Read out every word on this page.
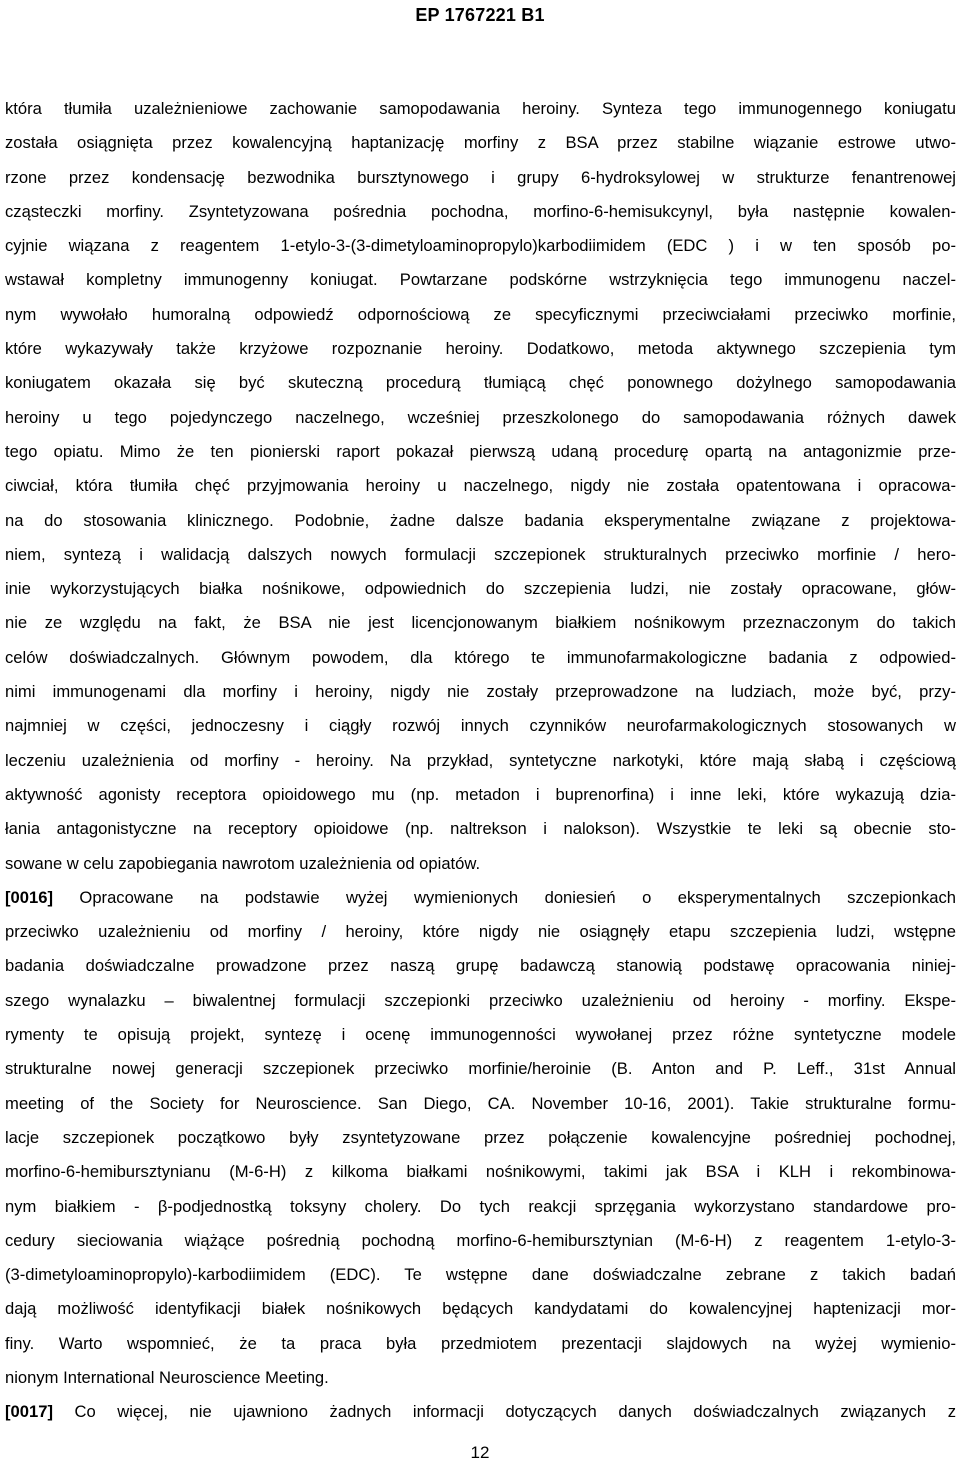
EP 1767221 B1
która tłumiła uzależnieniowe zachowanie samopodawania heroiny. Synteza tego immunogennego koniugatu
została osiągnięta przez kowalencyjną haptanizację morfiny z BSA przez stabilne wiązanie estrowe utwo-
rzone przez kondensację bezwodnika bursztynowego i grupy 6-hydroksylowej w strukturze fenantrenowej
cząsteczki morfiny. Zsyntetyzowana pośrednia pochodna, morfino-6-hemisukcynyl, była następnie kowalen-
cyjnie wiązana z reagentem 1-etylo-3-(3-dimetyloaminopropylo)karbodiimidem (EDC ) i w ten sposób po-
wstawał kompletny immunogenny koniugat. Powtarzane podskórne wstrzyknięcia tego immunogenu naczel-
nym wywołało humoralną odpowiedź odpornościową ze specyficznymi przeciwciałami przeciwko morfinie,
które wykazywały także krzyżowe rozpoznanie heroiny. Dodatkowo, metoda aktywnego szczepienia tym
koniugatem okazała się być skuteczną procedurą tłumiącą chęć ponownego dożylnego samopodawania
heroiny u tego pojedynczego naczelnego, wcześniej przeszkolonego do samopodawania różnych dawek
tego opiatu. Mimo że ten pionierski raport pokazał pierwszą udaną procedurę opartą na antagonizmie prze-
ciwciał, która tłumiła chęć przyjmowania heroiny u naczelnego, nigdy nie została opatentowana i opracowa-
na do stosowania klinicznego. Podobnie, żadne dalsze badania eksperymentalne związane z projektowa-
niem, syntezą i walidacją dalszych nowych formulacji szczepionek strukturalnych przeciwko morfinie / hero-
inie wykorzystujących białka nośnikowe, odpowiednich do szczepienia ludzi, nie zostały opracowane, głów-
nie ze względu na fakt, że BSA nie jest licencjonowanym białkiem nośnikowym przeznaczonym do takich
celów doświadczalnych. Głównym powodem, dla którego te immunofarmakologiczne badania z odpowied-
nimi immunogenami dla morfiny i heroiny, nigdy nie zostały przeprowadzone na ludziach, może być, przy-
najmniej w części, jednoczesny i ciągły rozwój innych czynników neurofarmakologicznych stosowanych w
leczeniu uzależnienia od morfiny - heroiny. Na przykład, syntetyczne narkotyki, które mają słabą i częściową
aktywność agonisty receptora opioidowego mu (np. metadon i buprenorfina) i inne leki, które wykazują dzia-
łania antagonistyczne na receptory opioidowe (np. naltrekson i nalokson). Wszystkie te leki są obecnie sto-
sowane w celu zapobiegania nawrotom uzależnienia od opiatów.
[0016] Opracowane na podstawie wyżej wymienionych doniesień o eksperymentalnych szczepionkach
przeciwko uzależnieniu od morfiny / heroiny, które nigdy nie osiągnęły etapu szczepienia ludzi, wstępne
badania doświadczalne prowadzone przez naszą grupę badawczą stanowią podstawę opracowania niniej-
szego wynalazku – biwalentnej formulacji szczepionki przeciwko uzależnieniu od heroiny - morfiny. Ekspe-
rymenty te opisują projekt, syntezę i ocenę immunogenności wywołanej przez różne syntetyczne modele
strukturalne nowej generacji szczepionek przeciwko morfinie/heroinie (B. Anton and P. Leff., 31st Annual
meeting of the Society for Neuroscience. San Diego, CA. November 10-16, 2001). Takie strukturalne formu-
lacje szczepionek początkowo były zsyntetyzowane przez połączenie kowalencyjne pośredniej pochodnej,
morfino-6-hemibursztynianu (M-6-H) z kilkoma białkami nośnikowymi, takimi jak BSA i KLH i rekombinowa-
nym białkiem - β-podjednostką toksyny cholery. Do tych reakcji sprzęgania wykorzystano standardowe pro-
cedury sieciowania wiążące pośrednią pochodną morfino-6-hemibursztynian (M-6-H) z reagentem 1-etylo-3-
(3-dimetyloaminopropylo)-karbodiimidem (EDC). Te wstępne dane doświadczalne zebrane z takich badań
dają możliwość identyfikacji białek nośnikowych będących kandydatami do kowalencyjnej haptenizacji mor-
finy. Warto wspomnieć, że ta praca była przedmiotem prezentacji slajdowych na wyżej wymienio-
nionym International Neuroscience Meeting.
[0017] Co więcej, nie ujawniono żadnych informacji dotyczących danych doświadczalnych związanych z
12
